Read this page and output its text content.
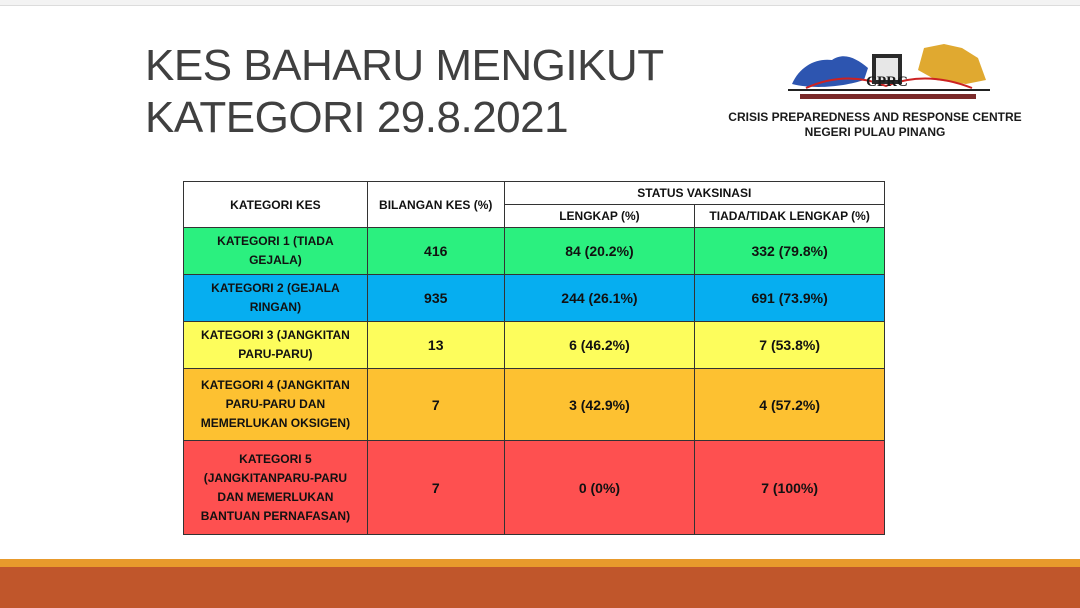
KES BAHARU MENGIKUT
KATEGORI 29.8.2021
CPRC
CRISIS PREPAREDNESS AND RESPONSE CENTRE
NEGERI PULAU PINANG
KATEGORI KES	BILANGAN KES (%)	STATUS VAKSINASI	
		LENGKAP (%)	TIADA/TIDAK LENGKAP (%)

KATEGORI 1 (TIADA
GEJALA)	416	84 (20.2%)	332 (79.8%)

KATEGORI 2 (GEJALA
RINGAN)	935	244 (26.1%)	691 (73.9%)

KATEGORI 3 (JANGKITAN
PARU-PARU)	13	6 (46.2%)	7 (53.8%)

KATEGORI 4 (JANGKITAN
PARU-PARU DAN
MEMERLUKAN OKSIGEN)	7	3 (42.9%)	4 (57.2%)

KATEGORI 5
(JANGKITANPARU-PARU
DAN MEMERLUKAN
BANTUAN PERNAFASAN)	7	0 (0%)	7 (100%)
